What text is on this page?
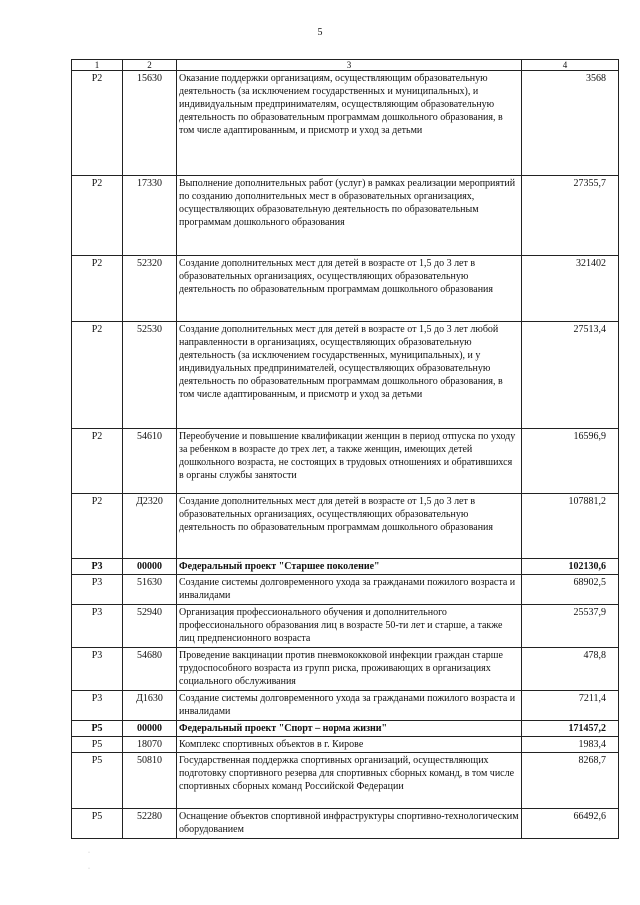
5
1	2	3	4
P2	15630	Оказание поддержки организациям, осуществляющим образовательную деятельность (за исключением государственных и муниципальных), и индивидуальным предпринимателям, осуществляющим образовательную деятельность по образовательным программам дошкольного образования, в том числе адаптированным, и присмотр и уход за детьми	3568
P2	17330	Выполнение дополнительных работ (услуг) в рамках реализации мероприятий по созданию дополнительных мест в образовательных организациях, осуществляющих образовательную деятельность по образовательным программам дошкольного образования	27355,7
P2	52320	Создание дополнительных мест для детей в возрасте от 1,5 до 3 лет в образовательных организациях, осуществляющих образовательную деятельность по образовательным программам дошкольного образования	321402
P2	52530	Создание дополнительных мест для детей в возрасте от 1,5 до 3 лет любой направленности в организациях, осуществляющих образовательную деятельность (за исключением государственных, муниципальных), и у индивидуальных предпринимателей, осуществляющих образовательную деятельность по образовательным программам дошкольного образования, в том числе адаптированным, и присмотр и уход за детьми	27513,4
P2	54610	Переобучение и повышение квалификации женщин в период отпуска по уходу за ребенком в возрасте до трех лет, а также женщин, имеющих детей дошкольного возраста, не состоящих в трудовых отношениях и обратившихся в органы службы занятости	16596,9
P2	Д2320	Создание дополнительных мест для детей в возрасте от 1,5 до 3 лет в образовательных организациях, осуществляющих образовательную деятельность по образовательным программам дошкольного образования	107881,2
P3	00000	Федеральный проект "Старшее поколение"	102130,6
P3	51630	Создание системы долговременного ухода за гражданами пожилого возраста и инвалидами	68902,5
P3	52940	Организация профессионального обучения и дополнительного профессионального образования лиц в возрасте 50-ти лет и старше, а также лиц предпенсионного возраста	25537,9
P3	54680	Проведение вакцинации против пневмококковой инфекции граждан старше трудоспособного возраста из групп риска, проживающих в организациях социального обслуживания	478,8
P3	Д1630	Создание системы долговременного ухода за гражданами пожилого возраста и инвалидами	7211,4
P5	00000	Федеральный проект "Спорт – норма жизни"	171457,2
P5	18070	Комплекс спортивных объектов в г. Кирове	1983,4
P5	50810	Государственная поддержка спортивных организаций, осуществляющих подготовку спортивного резерва для спортивных сборных команд, в том числе спортивных сборных команд Российской Федерации	8268,7
P5	52280	Оснащение объектов спортивной инфраструктуры спортивно-технологическим оборудованием	66492,6
·
·
